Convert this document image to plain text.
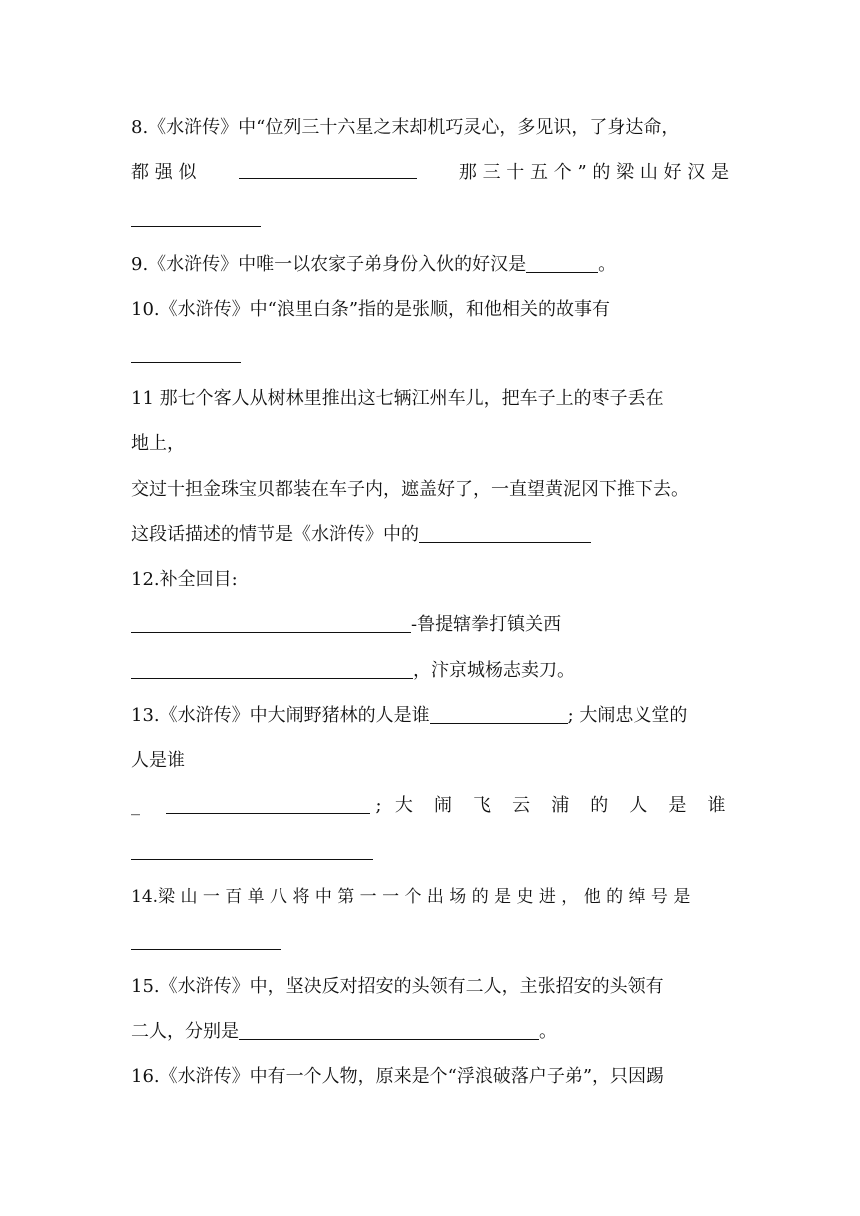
8.《水浒传》中“位列三十六星之末却机巧灵心，多见识，了身达命，
都 强 似	那 三 十 五 个 ” 的 梁 山 好 汉 是
9.《水浒传》中唯一以农家子弟身份入伙的好汉是	。
10.《水浒传》中“浪里白条”指的是张顺，和他相关的故事有
11 那七个客人从树林里推出这七辆江州车儿，把车子上的枣子丢在
地上，
交过十担金珠宝贝都装在车子内，遮盖好了，一直望黄泥冈下推下去。
这段话描述的情节是《水浒传》中的
12.补全回目:
-鲁提辖拳打镇关西
，汴京城杨志卖刀。
13.《水浒传》中大闹野猪林的人是谁	; 大闹忠义堂的
人是谁
_	; 大 闹 飞 云 浦 的 人 是 谁
14.梁 山 一 百 单 八 将 中 第 一 一 个 出 场 的 是 史 进 ， 他 的 绰 号 是
15.《水浒传》中，坚决反对招安的头领有二人，主张招安的头领有
二人，分别是	。
16.《水浒传》中有一个人物，原来是个“浮浪破落户子弟”，只因踢
